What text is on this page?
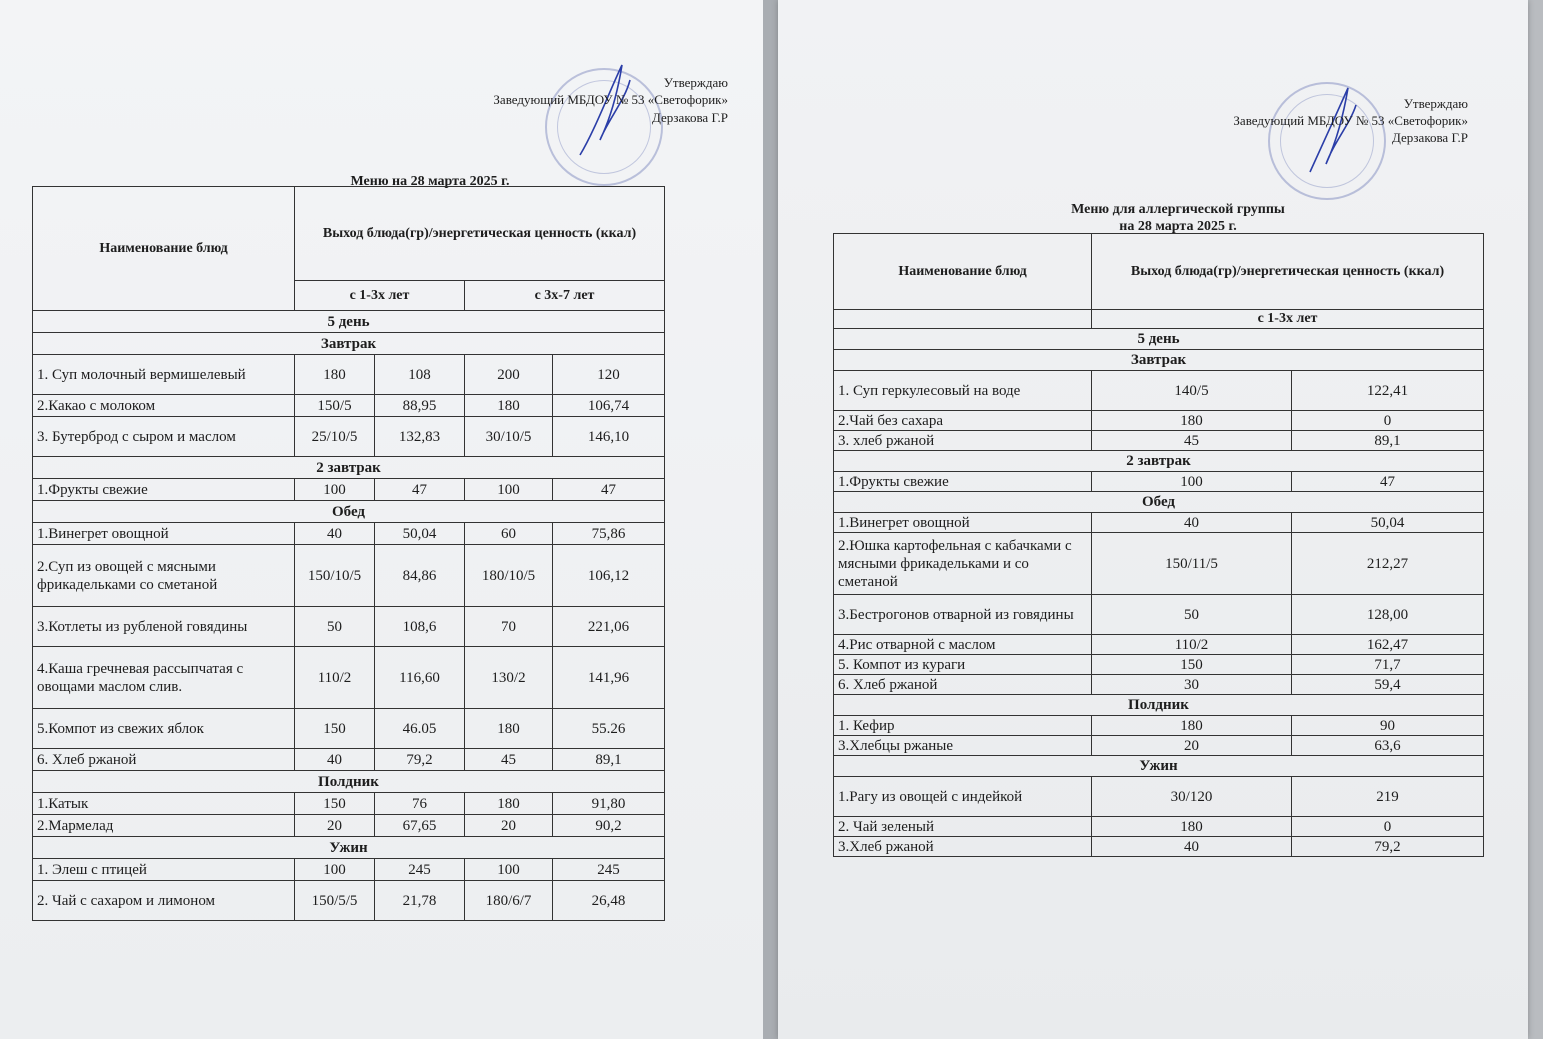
Утверждаю
Заведующий МБДОУ № 53 «Светофорик»
Дерзакова Г.Р
Меню на 28 марта 2025 г.
Наименование блюд	Выход блюда(гр)/энергетическая ценность (ккал)			
	с 1-3х лет		с 3х-7 лет	
5 день				
Завтрак				
1. Суп молочный вермишелевый	180	108	200	120
2.Какао с молоком	150/5	88,95	180	106,74
3. Бутерброд с сыром и маслом	25/10/5	132,83	30/10/5	146,10
2 завтрак				
1.Фрукты свежие	100	47	100	47
Обед				
1.Винегрет овощной	40	50,04	60	75,86
2.Суп из овощей с мясными фрикадельками со сметаной	150/10/5	84,86	180/10/5	106,12
3.Котлеты из рубленой говядины	50	108,6	70	221,06
4.Каша гречневая рассыпчатая с овощами маслом слив.	110/2	116,60	130/2	141,96
5.Компот из свежих яблок	150	46.05	180	55.26
6. Хлеб ржаной	40	79,2	45	89,1
Полдник				
1.Катык	150	76	180	91,80
2.Мармелад	20	67,65	20	90,2
Ужин				
1. Элеш с птицей	100	245	100	245
2. Чай с сахаром и лимоном	150/5/5	21,78	180/6/7	26,48
Утверждаю
Заведующий МБДОУ № 53 «Светофорик»
Дерзакова Г.Р
Меню для аллергической группы
на 28 марта 2025 г.
Наименование блюд	Выход блюда(гр)/энергетическая ценность (ккал)	
	с 1-3х лет	
5 день		
Завтрак		
1. Суп геркулесовый на воде	140/5	122,41
2.Чай без сахара	180	0
3. хлеб ржаной	45	89,1
2 завтрак		
1.Фрукты свежие	100	47
Обед		
1.Винегрет овощной	40	50,04
2.Юшка картофельная с кабачками с мясными фрикадельками и со сметаной	150/11/5	212,27
3.Бестрогонов отварной из говядины	50	128,00
4.Рис отварной с маслом	110/2	162,47
5. Компот из кураги	150	71,7
6. Хлеб ржаной	30	59,4
Полдник		
1. Кефир	180	90
3.Хлебцы ржаные	20	63,6
Ужин		
1.Рагу из овощей с индейкой	30/120	219
2. Чай зеленый	180	0
3.Хлеб ржаной	40	79,2
